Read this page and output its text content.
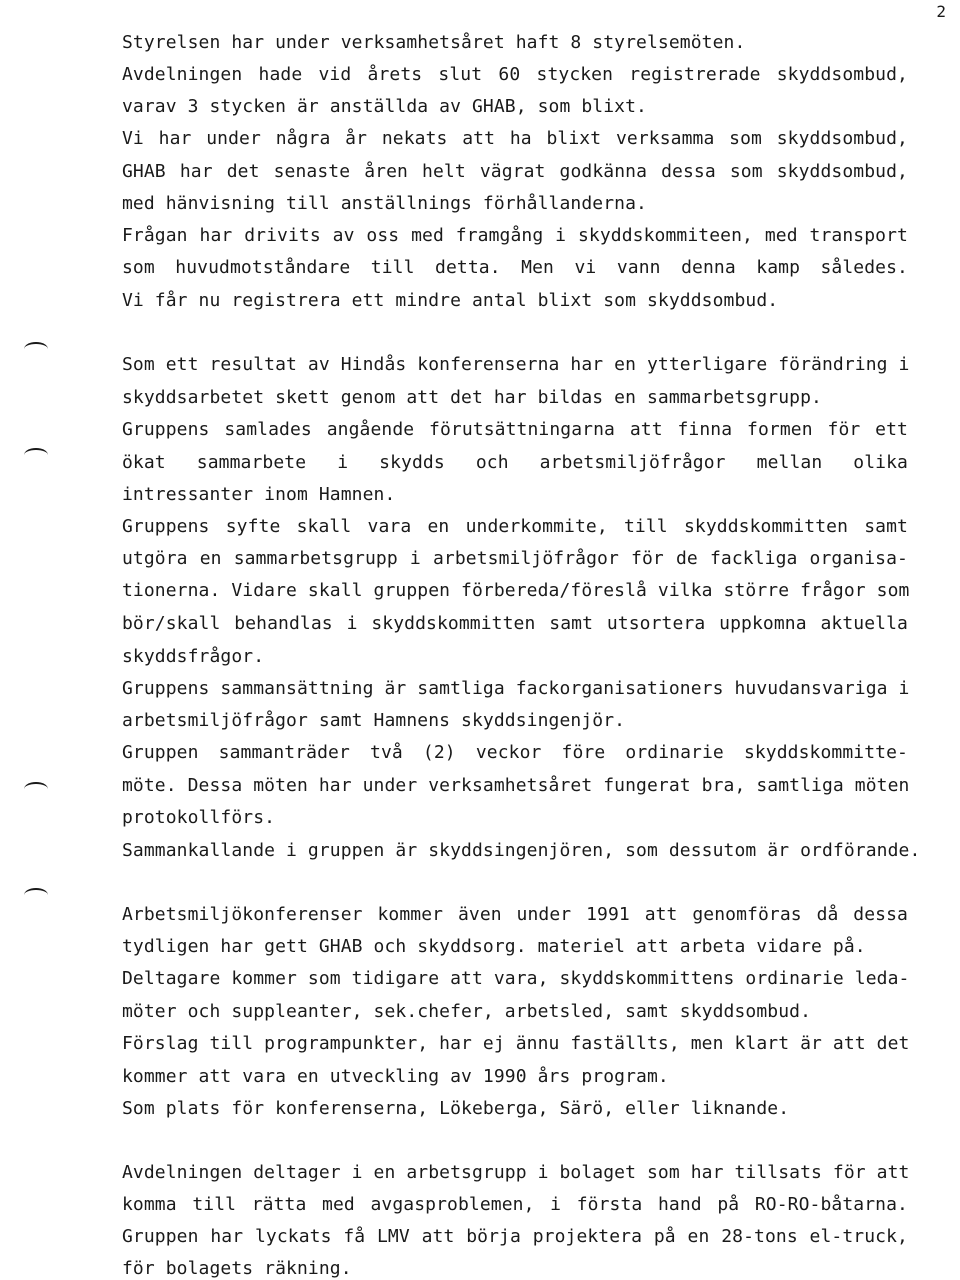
2
Styrelsen har under verksamhetsåret haft 8 styrelsemöten.
Avdelningen hade vid årets slut 60 stycken registrerade skyddsombud,
varav 3 stycken är anställda av GHAB, som blixt.
Vi har under några år nekats att ha blixt verksamma som skyddsombud,
GHAB har det senaste åren helt vägrat godkänna dessa som skyddsombud,
med hänvisning till anställnings förhållanderna.
Frågan har drivits av oss med framgång i skyddskommiteen, med transport
som huvudmotståndare till detta. Men vi vann denna kamp således.
Vi får nu registrera ett mindre antal blixt som skyddsombud.
Som ett resultat av Hindås konferenserna har en ytterligare förändring i
skyddsarbetet skett genom att det har bildas en sammarbetsgrupp.
Gruppens samlades angående förutsättningarna att finna formen för ett
ökat sammarbete i skydds och arbetsmiljöfrågor mellan olika
intressanter inom Hamnen.
Gruppens syfte skall vara en underkommite, till skyddskommitten samt
utgöra en sammarbetsgrupp i arbetsmiljöfrågor för de fackliga organisa-
tionerna. Vidare skall gruppen förbereda/föreslå vilka större frågor som
bör/skall behandlas i skyddskommitten samt utsortera uppkomna aktuella
skyddsfrågor.
Gruppens sammansättning är samtliga fackorganisationers huvudansvariga i
arbetsmiljöfrågor samt Hamnens skyddsingenjör.
Gruppen sammanträder två (2) veckor före ordinarie skyddskommitte-
möte. Dessa möten har under verksamhetsåret fungerat bra, samtliga möten
protokollförs.
Sammankallande i gruppen är skyddsingenjören, som dessutom är ordförande.
Arbetsmiljökonferenser kommer även under 1991 att genomföras då dessa
tydligen har gett GHAB och skyddsorg. materiel att arbeta vidare på.
Deltagare kommer som tidigare att vara, skyddskommittens ordinarie leda-
möter och suppleanter, sek.chefer, arbetsled, samt skyddsombud.
Förslag till programpunkter, har ej ännu faställts, men klart är att det
kommer att vara en utveckling av 1990 års program.
Som plats för konferenserna, Lökeberga, Särö, eller liknande.
Avdelningen deltager i en arbetsgrupp i bolaget som har tillsats för att
komma till rätta med avgasproblemen, i första hand på RO-RO-båtarna.
Gruppen har lyckats få LMV att börja projektera på en 28-tons el-truck,
för bolagets räkning.
